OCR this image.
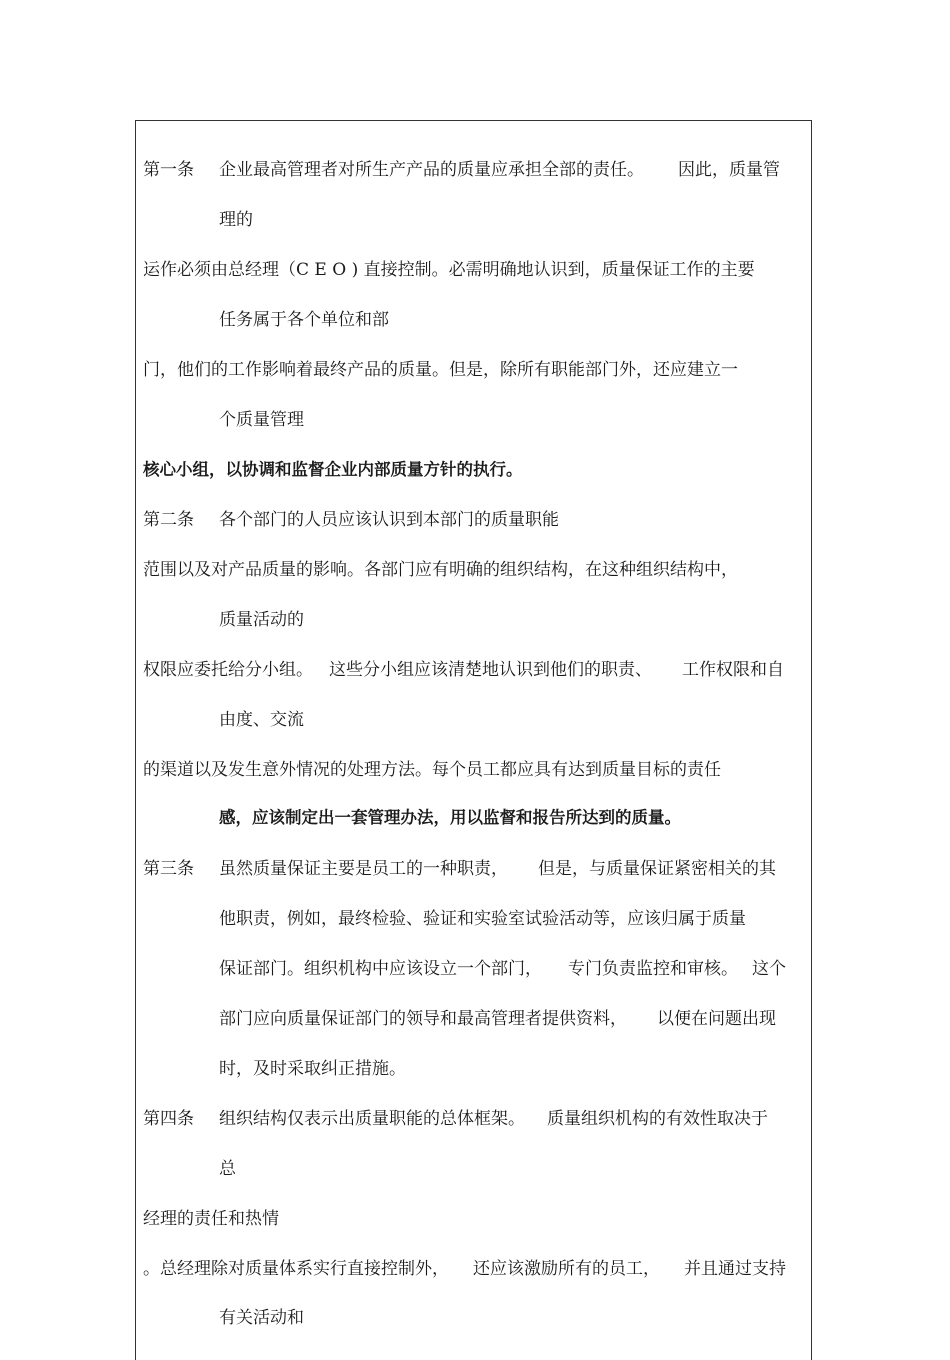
第一条 企业最高管理者对所生产产品的质量应承担全部的责任。 因此，质量管
理的
运作必须由总经理（C E O ) 直接控制。必需明确地认识到，质量保证工作的主要
任务属于各个单位和部
门，他们的工作影响着最终产品的质量。但是，除所有职能部门外，还应建立一
个质量管理
核心小组，以协调和监督企业内部质量方针的执行。
第二条 各个部门的人员应该认识到本部门的质量职能
范围以及对产品质量的影响。各部门应有明确的组织结构，在这种组织结构中，
质量活动的
权限应委托给分小组。 这些分小组应该清楚地认识到他们的职责、 工作权限和自
由度、交流
的渠道以及发生意外情况的处理方法。每个员工都应具有达到质量目标的责任
感，应该制定出一套管理办法，用以监督和报告所达到的质量。
第三条 虽然质量保证主要是员工的一种职责， 但是，与质量保证紧密相关的其
他职责，例如，最终检验、验证和实验室试验活动等，应该归属于质量
保证部门。组织机构中应该设立一个部门， 专门负责监控和审核。 这个
部门应向质量保证部门的领导和最高管理者提供资料， 以便在问题出现
时，及时采取纠正措施。
第四条 组织结构仅表示出质量职能的总体框架。 质量组织机构的有效性取决于
总
经理的责任和热情
。总经理除对质量体系实行直接控制外， 还应该激励所有的员工， 并且通过支持
有关活动和
